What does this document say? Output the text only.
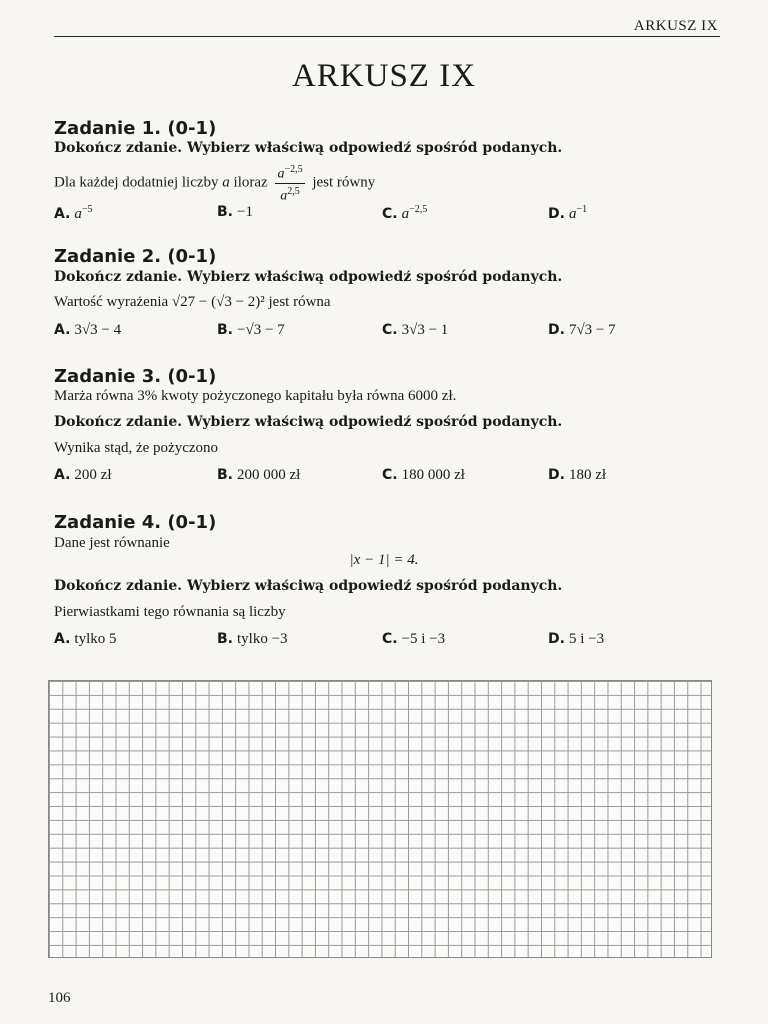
ARKUSZ IX
ARKUSZ IX
Zadanie 1. (0-1)
Dokończ zdanie. Wybierz właściwą odpowiedź spośród podanych.
Dla każdej dodatniej liczby a iloraz $\frac{a^{-2,5}}{a^{2,5}}$ jest równy
A. $a^{-5}$	B. −1	C. $a^{-2,5}$	D. $a^{-1}$
Zadanie 2. (0-1)
Dokończ zdanie. Wybierz właściwą odpowiedź spośród podanych.
Wartość wyrażenia √27 − (√3 − 2)² jest równa
A. 3√3 − 4	B. −√3 − 7	C. 3√3 − 1	D. 7√3 − 7
Zadanie 3. (0-1)
Marża równa 3% kwoty pożyczonego kapitału była równa 6000 zł.
Dokończ zdanie. Wybierz właściwą odpowiedź spośród podanych.
Wynika stąd, że pożyczono
A. 200 zł	B. 200 000 zł	C. 180 000 zł	D. 180 zł
Zadanie 4. (0-1)
Dane jest równanie
|x − 1| = 4.
Dokończ zdanie. Wybierz właściwą odpowiedź spośród podanych.
Pierwiastkami tego równania są liczby
A. tylko 5	B. tylko −3	C. −5 i −3	D. 5 i −3
106
